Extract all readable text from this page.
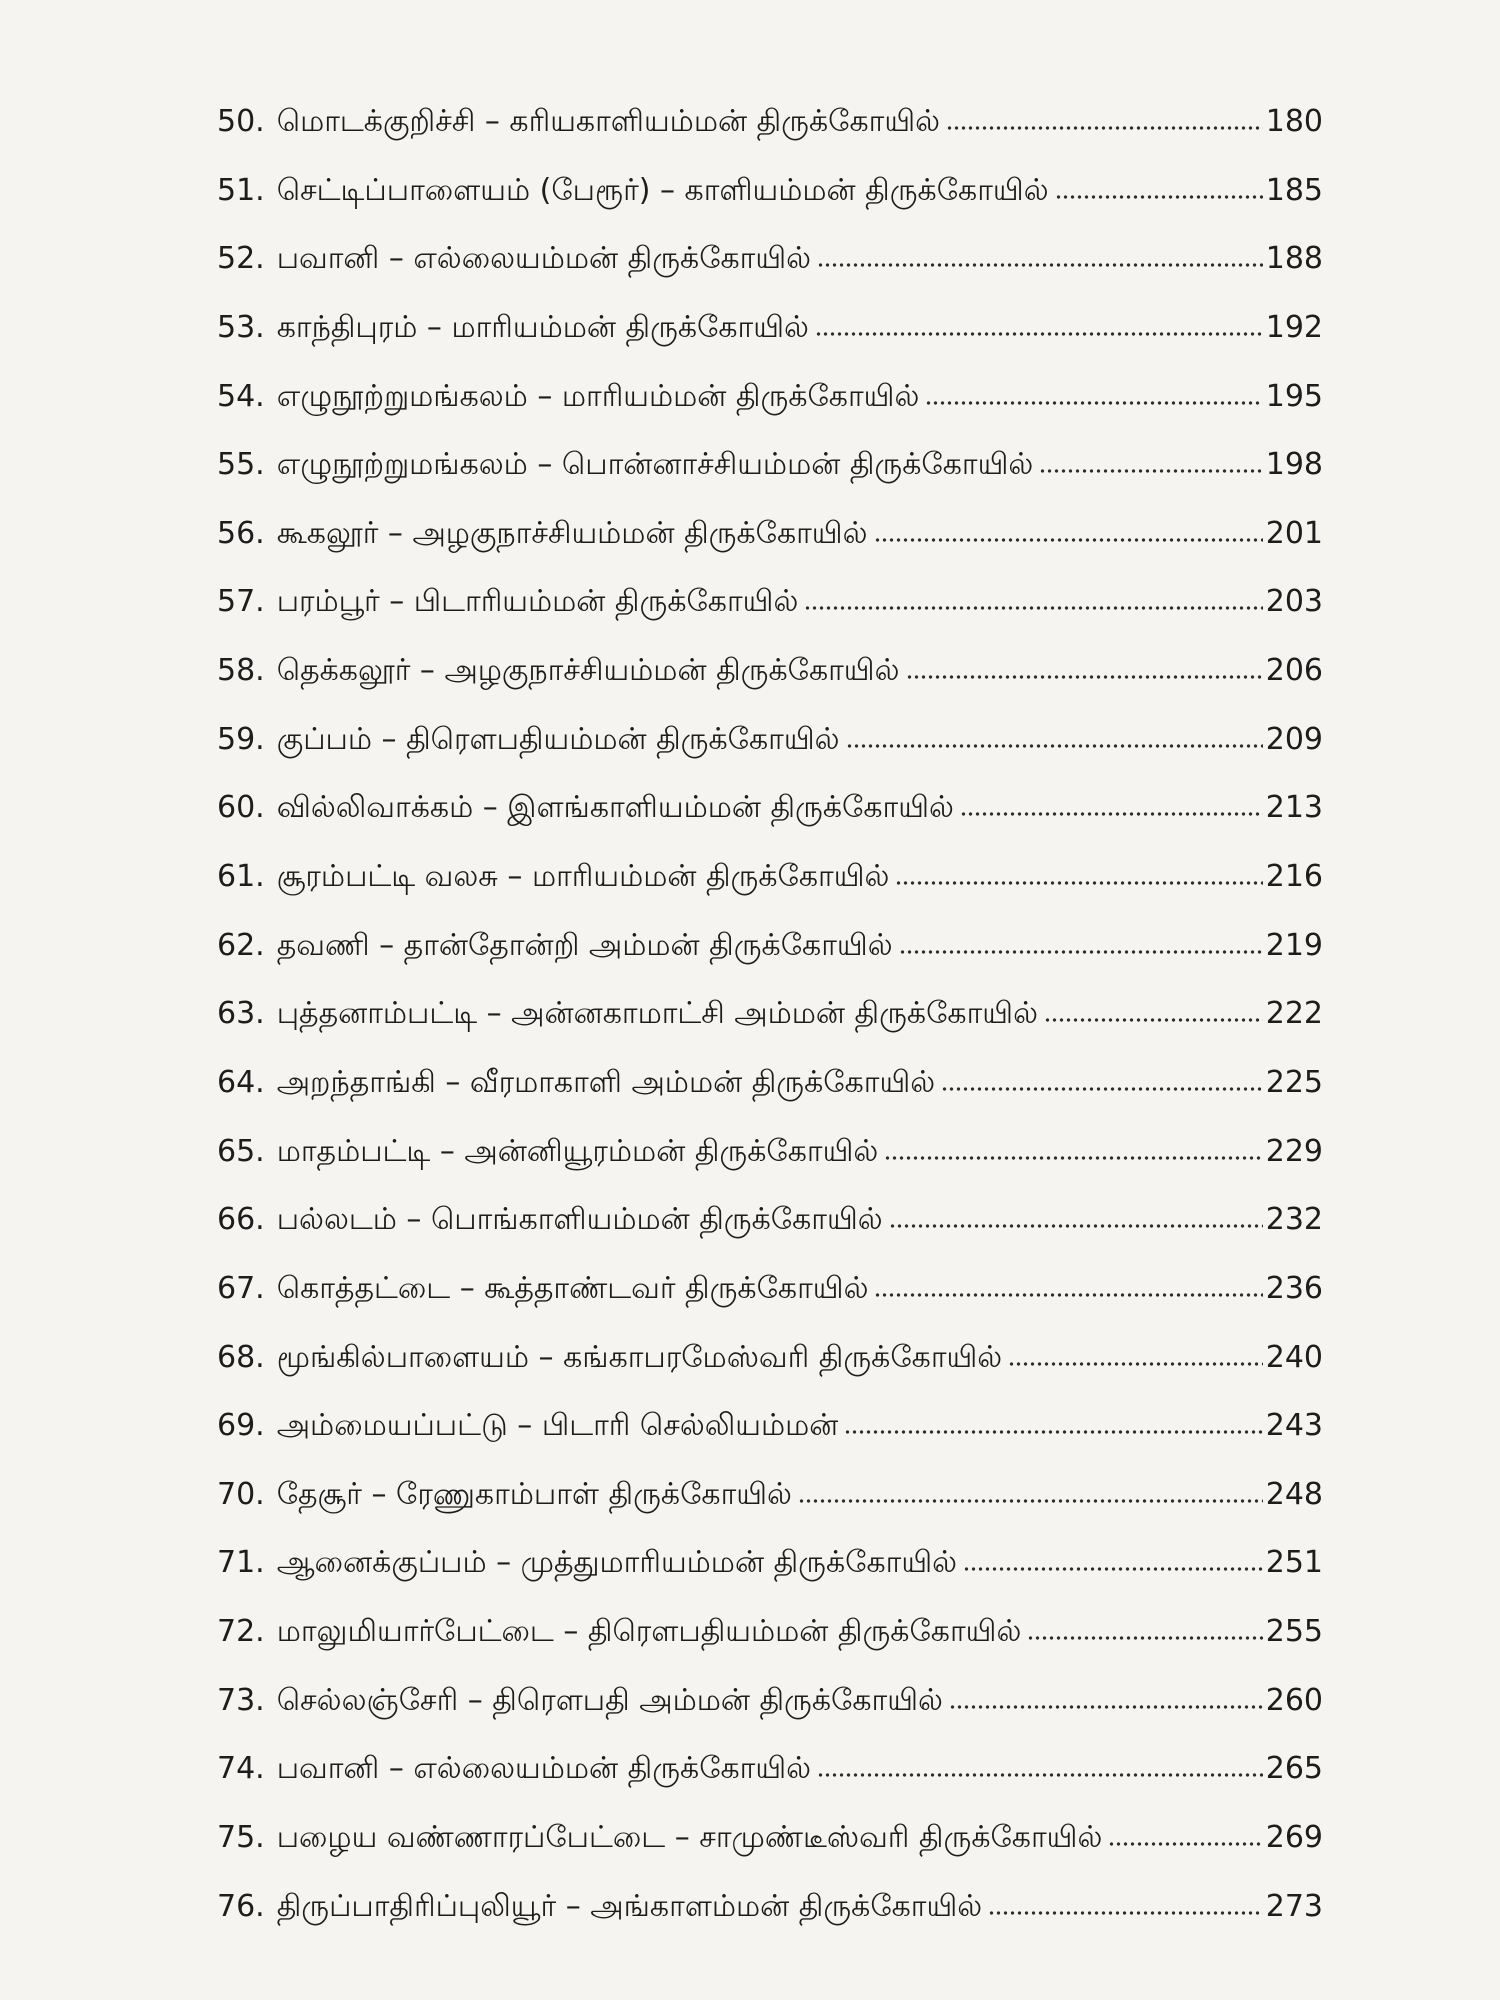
50. மொடக்குறிச்சி – கரியகாளியம்மன் திருக்கோயில்	180
51. செட்டிப்பாளையம் (பேரூர்) – காளியம்மன் திருக்கோயில்	185
52. பவானி – எல்லையம்மன் திருக்கோயில்	188
53. காந்திபுரம் – மாரியம்மன் திருக்கோயில்	192
54. எழுநூற்றுமங்கலம் – மாரியம்மன் திருக்கோயில்	195
55. எழுநூற்றுமங்கலம் – பொன்னாச்சியம்மன் திருக்கோயில்	198
56. கூகலூர் – அழகுநாச்சியம்மன் திருக்கோயில்	201
57. பரம்பூர் – பிடாரியம்மன் திருக்கோயில்	203
58. தெக்கலூர் – அழகுநாச்சியம்மன் திருக்கோயில்	206
59. குப்பம் – திரௌபதியம்மன் திருக்கோயில்	209
60. வில்லிவாக்கம் – இளங்காளியம்மன் திருக்கோயில்	213
61. சூரம்பட்டி வலசு – மாரியம்மன் திருக்கோயில்	216
62. தவணி – தான்தோன்றி அம்மன் திருக்கோயில்	219
63. புத்தனாம்பட்டி – அன்னகாமாட்சி அம்மன் திருக்கோயில்	222
64. அறந்தாங்கி – வீரமாகாளி அம்மன் திருக்கோயில்	225
65. மாதம்பட்டி – அன்னியூரம்மன் திருக்கோயில்	229
66. பல்லடம் – பொங்காளியம்மன் திருக்கோயில்	232
67. கொத்தட்டை – கூத்தாண்டவர் திருக்கோயில்	236
68. மூங்கில்பாளையம் – கங்காபரமேஸ்வரி திருக்கோயில்	240
69. அம்மையப்பட்டு – பிடாரி செல்லியம்மன்	243
70. தேசூர் – ரேணுகாம்பாள் திருக்கோயில்	248
71. ஆனைக்குப்பம் – முத்துமாரியம்மன் திருக்கோயில்	251
72. மாலுமியார்பேட்டை – திரௌபதியம்மன் திருக்கோயில்	255
73. செல்லஞ்சேரி – திரௌபதி அம்மன் திருக்கோயில்	260
74. பவானி – எல்லையம்மன் திருக்கோயில்	265
75. பழைய வண்ணாரப்பேட்டை – சாமுண்டீஸ்வரி திருக்கோயில்	269
76. திருப்பாதிரிப்புலியூர் – அங்காளம்மன் திருக்கோயில்	273
